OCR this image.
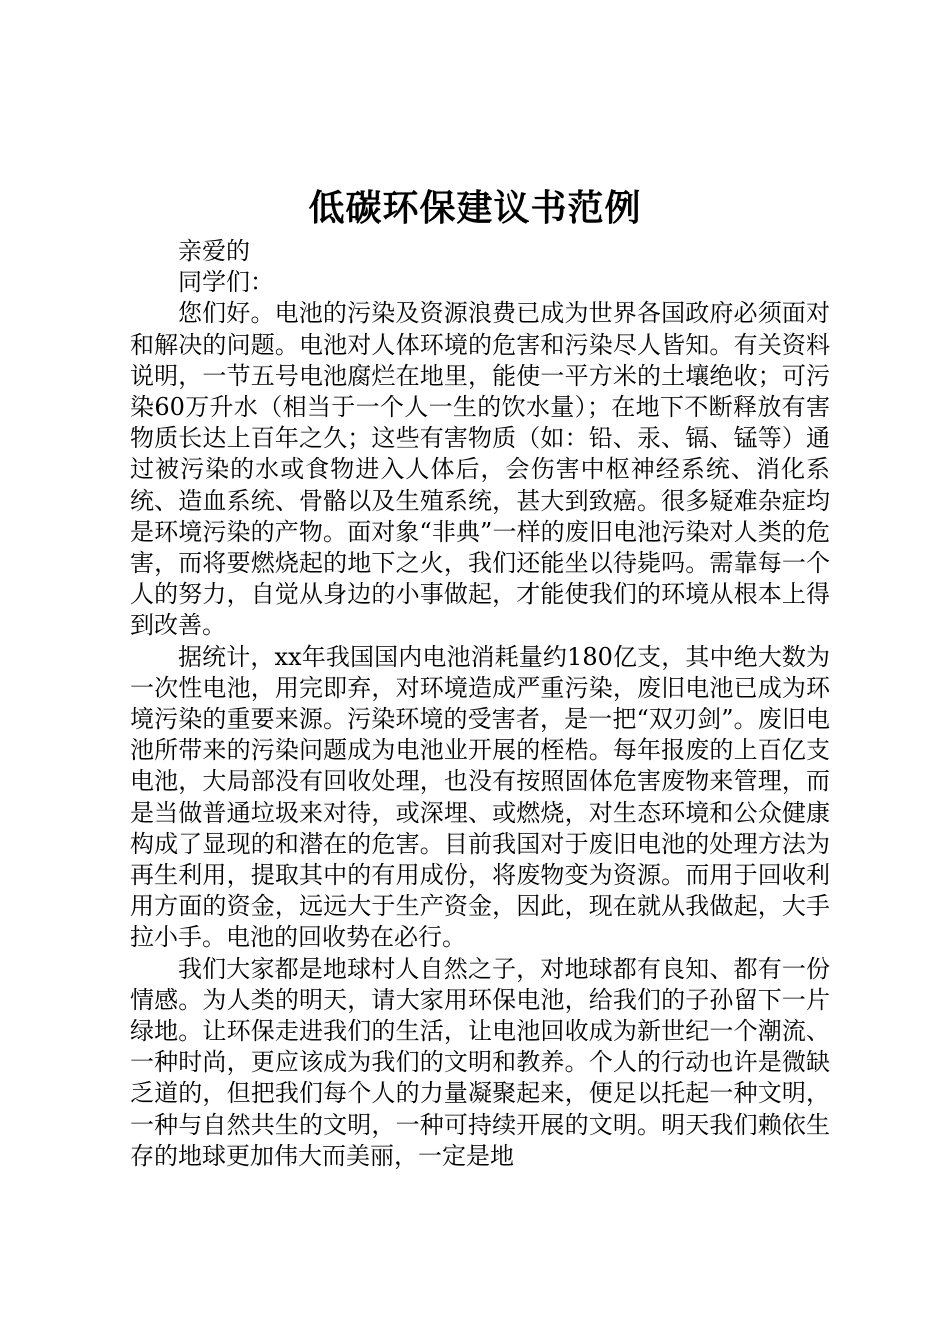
低碳环保建议书范例

亲爱的

同学们：

您们好。电池的污染及资源浪费已成为世界各国政府必须面对和解决的问题。电池对人体环境的危害和污染尽人皆知。有关资料说明，一节五号电池腐烂在地里，能使一平方米的土壤绝收；可污染60万升水（相当于一个人一生的饮水量）；在地下不断释放有害物质长达上百年之久；这些有害物质（如：铅、汞、镉、锰等）通过被污染的水或食物进入人体后，会伤害中枢神经系统、消化系统、造血系统、骨骼以及生殖系统，甚大到致癌。很多疑难杂症均是环境污染的产物。面对象“非典”一样的废旧电池污染对人类的危害，而将要燃烧起的地下之火，我们还能坐以待毙吗。需靠每一个人的努力，自觉从身边的小事做起，才能使我们的环境从根本上得到改善。

据统计，xx年我国国内电池消耗量约180亿支，其中绝大数为一次性电池，用完即弃，对环境造成严重污染，废旧电池已成为环境污染的重要来源。污染环境的受害者，是一把“双刃剑”。废旧电池所带来的污染问题成为电池业开展的桎梏。每年报废的上百亿支电池，大局部没有回收处理，也没有按照固体危害废物来管理，而是当做普通垃圾来对待，或深埋、或燃烧，对生态环境和公众健康构成了显现的和潜在的危害。目前我国对于废旧电池的处理方法为再生利用，提取其中的有用成份，将废物变为资源。而用于回收利用方面的资金，远远大于生产资金，因此，现在就从我做起，大手拉小手。电池的回收势在必行。

我们大家都是地球村人自然之子，对地球都有良知、都有一份情感。为人类的明天，请大家用环保电池，给我们的子孙留下一片绿地。让环保走进我们的生活，让电池回收成为新世纪一个潮流、一种时尚，更应该成为我们的文明和教养。个人的行动也许是微缺乏道的，但把我们每个人的力量凝聚起来，便足以托起一种文明，一种与自然共生的文明，一种可持续开展的文明。明天我们赖依生存的地球更加伟大而美丽，一定是地
